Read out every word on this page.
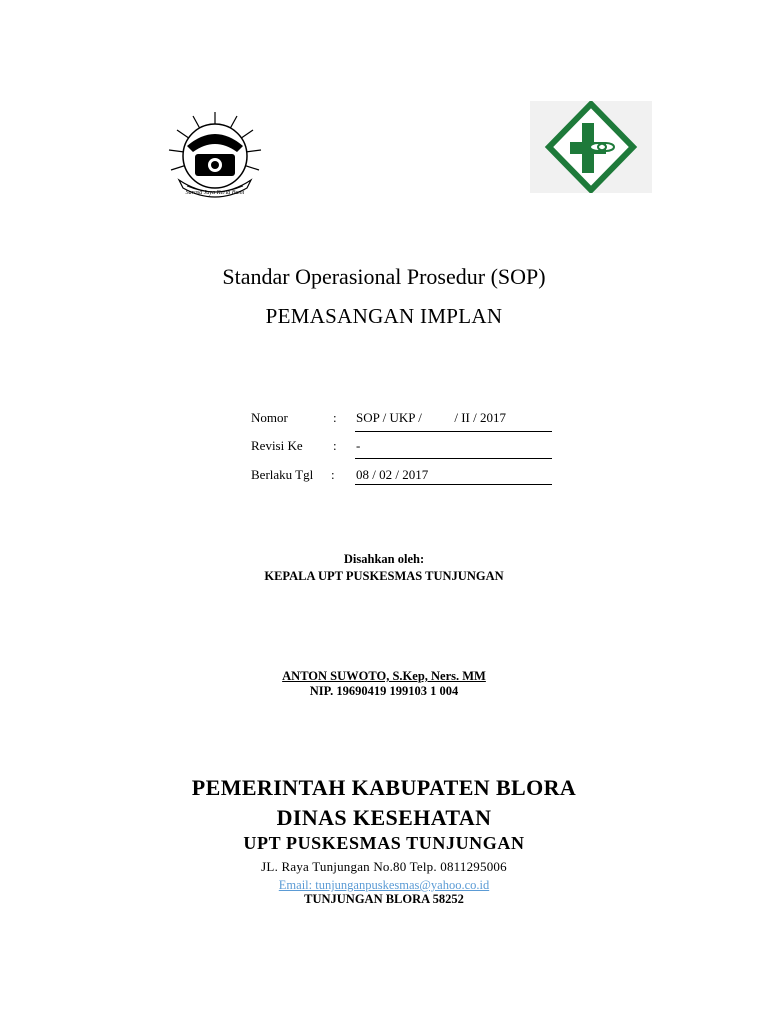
Sarasa Jaya Kerta Bumi
Standar Operasional Prosedur (SOP)
PEMASANGAN IMPLAN
Nomor	: SOP / UKP /          / II / 2017
Revisi Ke : -
Berlaku Tgl : 08 / 02 / 2017
Disahkan oleh:
KEPALA UPT PUSKESMAS TUNJUNGAN
ANTON SUWOTO, S.Kep, Ners. MM
NIP. 19690419 199103 1 004
PEMERINTAH KABUPATEN BLORA
DINAS KESEHATAN
UPT PUSKESMAS TUNJUNGAN
JL. Raya Tunjungan No.80 Telp. 0811295006
Email: tunjunganpuskesmas@yahoo.co.id
TUNJUNGAN BLORA 58252
